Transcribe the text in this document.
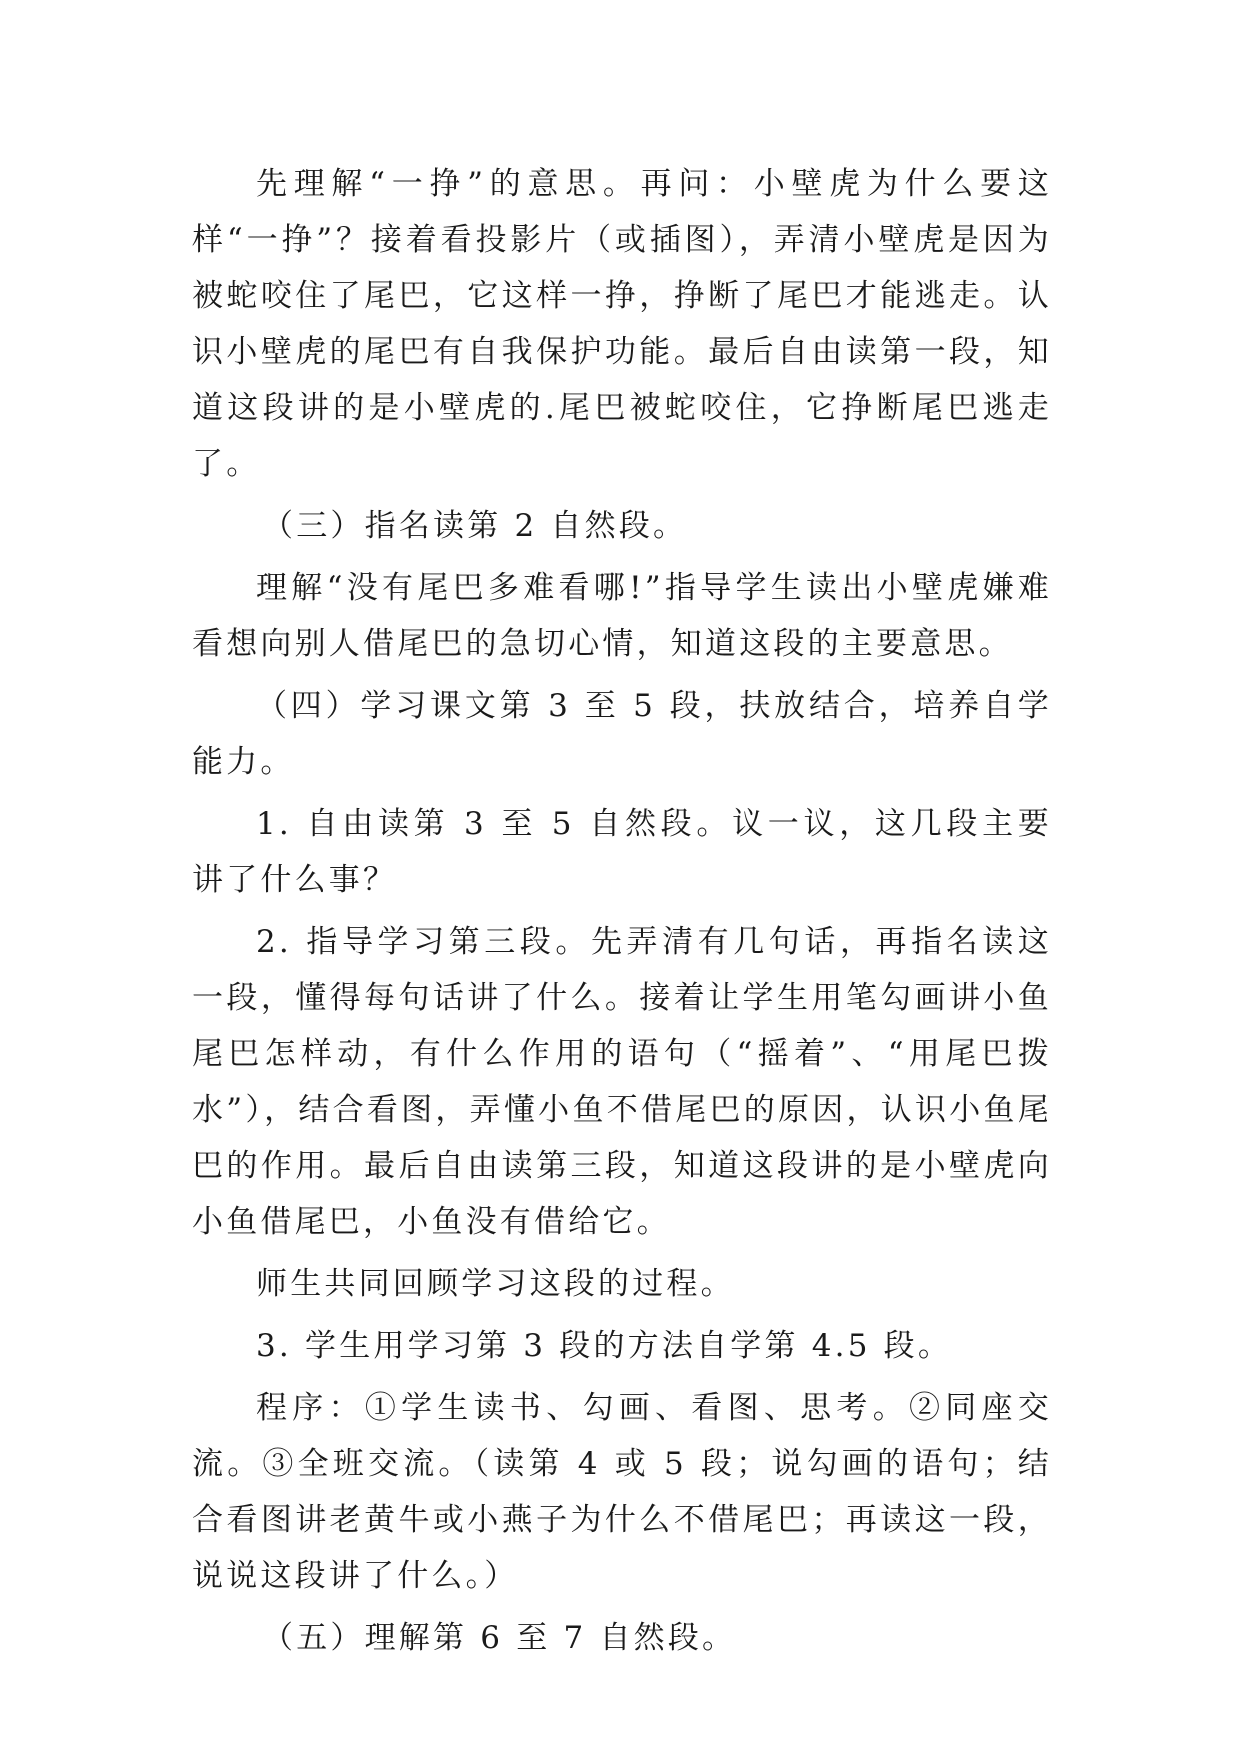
先理解“一挣”的意思。再问：小壁虎为什么要这样“一挣”？接着看投影片（或插图），弄清小壁虎是因为被蛇咬住了尾巴，它这样一挣，挣断了尾巴才能逃走。认识小壁虎的尾巴有自我保护功能。最后自由读第一段，知道这段讲的是小壁虎的.尾巴被蛇咬住，它挣断尾巴逃走了。

（三）指名读第 2 自然段。

理解“没有尾巴多难看哪!”指导学生读出小壁虎嫌难看想向别人借尾巴的急切心情，知道这段的主要意思。

（四）学习课文第 3 至 5 段，扶放结合，培养自学能力。

1. 自由读第 3 至 5 自然段。议一议，这几段主要讲了什么事？

2. 指导学习第三段。先弄清有几句话，再指名读这一段，懂得每句话讲了什么。接着让学生用笔勾画讲小鱼尾巴怎样动，有什么作用的语句（“摇着”、“用尾巴拨水”），结合看图，弄懂小鱼不借尾巴的原因，认识小鱼尾巴的作用。最后自由读第三段，知道这段讲的是小壁虎向小鱼借尾巴，小鱼没有借给它。

师生共同回顾学习这段的过程。

3. 学生用学习第 3 段的方法自学第 4.5 段。

程序：①学生读书、勾画、看图、思考。②同座交流。③全班交流。（读第 4 或 5 段；说勾画的语句；结合看图讲老黄牛或小燕子为什么不借尾巴；再读这一段，说说这段讲了什么。）

（五）理解第 6 至 7 自然段。
